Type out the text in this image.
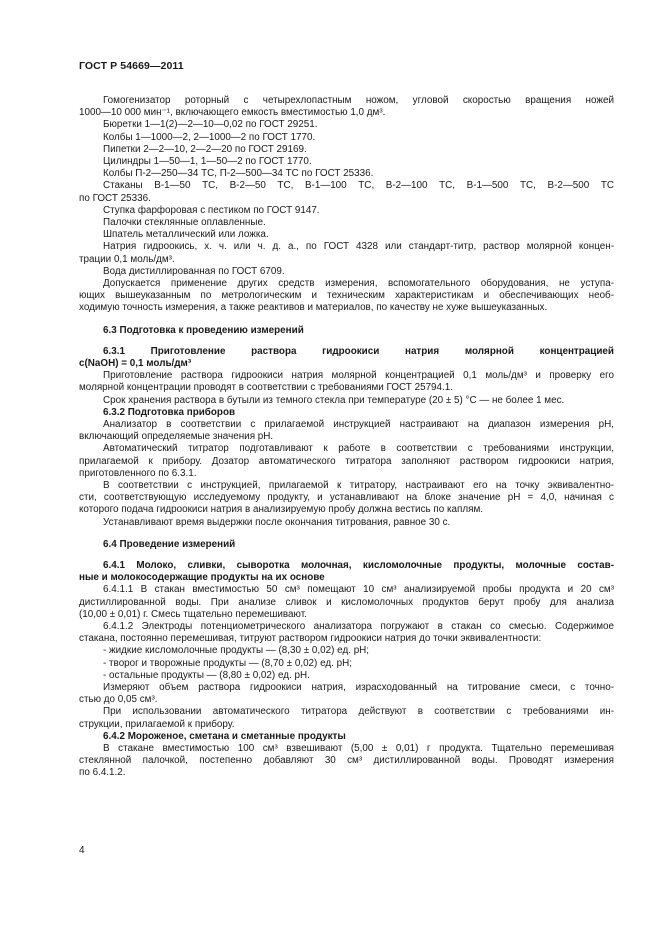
ГОСТ Р 54669—2011
Гомогенизатор роторный с четырехлопастным ножом, угловой скоростью вращения ножей
1000—10 000 мин⁻¹, включающего емкость вместимостью 1,0 дм³.
Бюретки 1—1(2)—2—10—0,02 по ГОСТ 29251.
Колбы 1—1000—2, 2—1000—2 по ГОСТ 1770.
Пипетки 2—2—10, 2—2—20 по ГОСТ 29169.
Цилиндры 1—50—1, 1—50—2 по ГОСТ 1770.
Колбы П-2—250—34 ТС, П-2—500—34 ТС по ГОСТ 25336.
Стаканы В-1—50 ТС, В-2—50 ТС, В-1—100 ТС, В-2—100 ТС, В-1—500 ТС, В-2—500 ТС
по ГОСТ 25336.
Ступка фарфоровая с пестиком по ГОСТ 9147.
Палочки стеклянные оплавленные.
Шпатель металлический или ложка.
Натрия гидроокись, х. ч. или ч. д. а., по ГОСТ 4328 или стандарт-титр, раствор молярной концен-
трации 0,1 моль/дм³.
Вода дистиллированная по ГОСТ 6709.
Допускается применение других средств измерения, вспомогательного оборудования, не уступа-
ющих вышеуказанным по метрологическим и техническим характеристикам и обеспечивающих необ-
ходимую точность измерения, а также реактивов и материалов, по качеству не хуже вышеуказанных.
6.3 Подготовка к проведению измерений
6.3.1 Приготовление раствора гидроокиси натрия молярной концентрацией
c(NaOH) = 0,1 моль/дм³
Приготовление раствора гидроокиси натрия молярной концентрацией 0,1 моль/дм³ и проверку его
молярной концентрации проводят в соответствии с требованиями ГОСТ 25794.1.
Срок хранения раствора в бутыли из темного стекла при температуре (20 ± 5) °С — не более 1 мес.
6.3.2 Подготовка приборов
Анализатор в соответствии с прилагаемой инструкцией настраивают на диапазон измерения рН,
включающий определяемые значения рН.
Автоматический титратор подготавливают к работе в соответствии с требованиями инструкции,
прилагаемой к прибору. Дозатор автоматического титратора заполняют раствором гидроокиси натрия,
приготовленного по 6.3.1.
В соответствии с инструкцией, прилагаемой к титратору, настраивают его на точку эквивалентно-
сти, соответствующую исследуемому продукту, и устанавливают на блоке значение рН = 4,0, начиная с
которого подача гидроокиси натрия в анализируемую пробу должна вестись по каплям.
Устанавливают время выдержки после окончания титрования, равное 30 с.
6.4 Проведение измерений
6.4.1 Молоко, сливки, сыворотка молочная, кисломолочные продукты, молочные состав-
ные и молокосодержащие продукты на их основе
6.4.1.1 В стакан вместимостью 50 см³ помещают 10 см³ анализируемой пробы продукта и 20 см³
дистиллированной воды. При анализе сливок и кисломолочных продуктов берут пробу для анализа
(10,00 ± 0,01) г. Смесь тщательно перемешивают.
6.4.1.2 Электроды потенциометрического анализатора погружают в стакан со смесью. Содержимое
стакана, постоянно перемешивая, титруют раствором гидроокиси натрия до точки эквивалентности:
- жидкие кисломолочные продукты — (8,30 ± 0,02) ед. рН;
- творог и творожные продукты — (8,70 ± 0,02) ед. рН;
- остальные продукты — (8,80 ± 0,02) ед. рН.
Измеряют объем раствора гидроокиси натрия, израсходованный на титрование смеси, с точно-
стью до 0,05 см³.
При использовании автоматического титратора действуют в соответствии с требованиями ин-
струкции, прилагаемой к прибору.
6.4.2 Мороженое, сметана и сметанные продукты
В стакане вместимостью 100 см³ взвешивают (5,00 ± 0,01) г продукта. Тщательно перемешивая
стеклянной палочкой, постепенно добавляют 30 см³ дистиллированной воды. Проводят измерения
по 6.4.1.2.
4
